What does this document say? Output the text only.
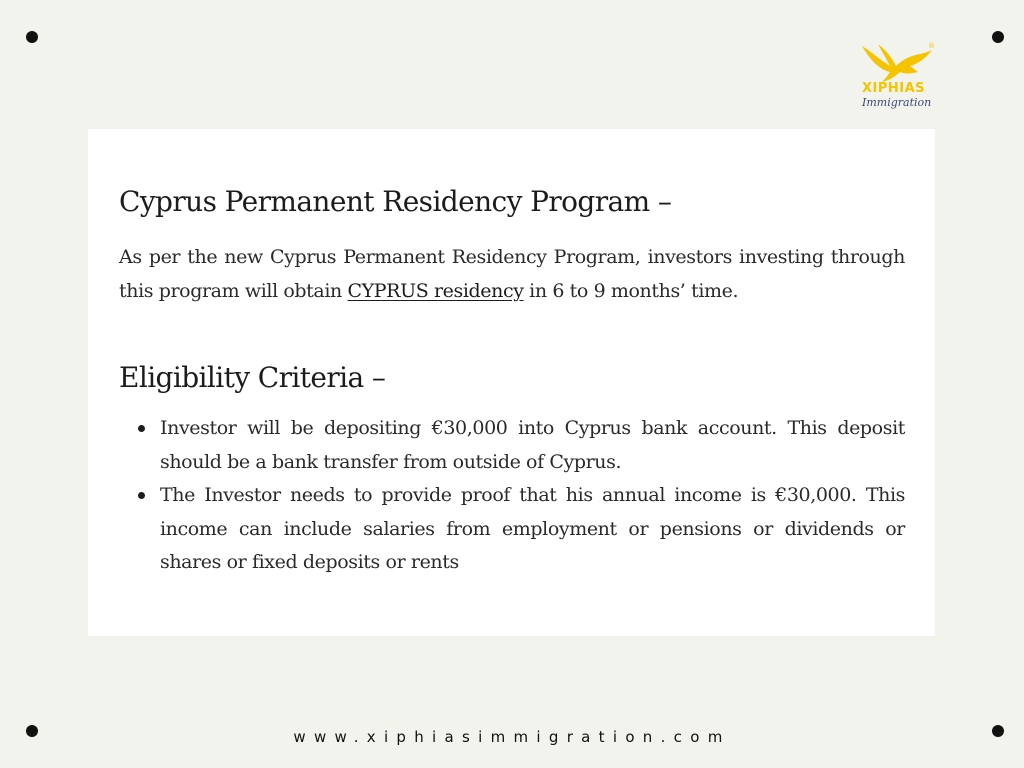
®
XIPHIAS
Immigration
Cyprus Permanent Residency Program –

As per the new Cyprus Permanent Residency Program, investors investing through this program will obtain CYPRUS residency in 6 to 9 months’ time.

Eligibility Criteria –
Investor will be depositing €30,000 into Cyprus bank account. This deposit should be a bank transfer from outside of Cyprus.
The Investor needs to provide proof that his annual income is €30,000. This income can include salaries from employment or pensions or dividends or shares or fixed deposits or rents
www.xiphiasimmigration.com
